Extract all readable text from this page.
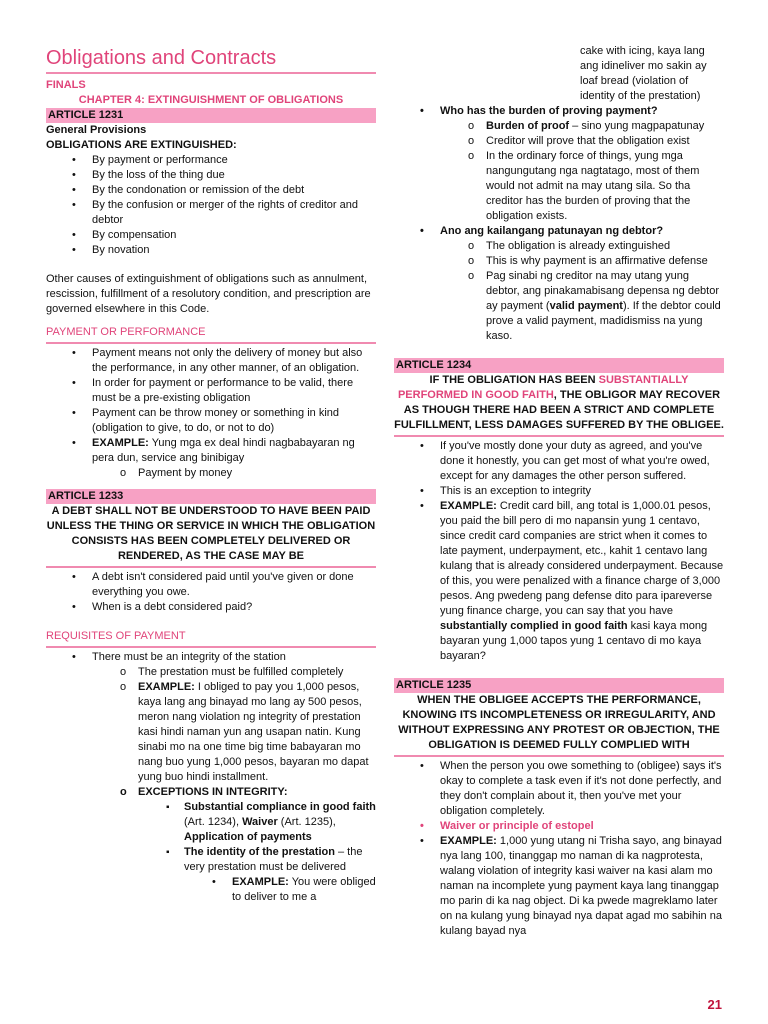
Obligations and Contracts
FINALS
CHAPTER 4: EXTINGUISHMENT OF OBLIGATIONS
ARTICLE 1231
General Provisions
OBLIGATIONS ARE EXTINGUISHED:
• By payment or performance
• By the loss of the thing due
• By the condonation or remission of the debt
• By the confusion or merger of the rights of creditor and debtor
• By compensation
• By novation
Other causes of extinguishment of obligations such as annulment, rescission, fulfillment of a resolutory condition, and prescription are governed elsewhere in this Code.
PAYMENT OR PERFORMANCE
• Payment means not only the delivery of money but also the performance, in any other manner, of an obligation.
• In order for payment or performance to be valid, there must be a pre-existing obligation
• Payment can be throw money or something in kind (obligation to give, to do, or not to do)
• EXAMPLE: Yung mga ex deal hindi nagbabayaran ng pera dun, service ang binibigay
o Payment by money
ARTICLE 1233
A DEBT SHALL NOT BE UNDERSTOOD TO HAVE BEEN PAID UNLESS THE THING OR SERVICE IN WHICH THE OBLIGATION CONSISTS HAS BEEN COMPLETELY DELIVERED OR RENDERED, AS THE CASE MAY BE
• A debt isn't considered paid until you've given or done everything you owe.
• When is a debt considered paid?
REQUISITES OF PAYMENT
• There must be an integrity of the station
o The prestation must be fulfilled completely
o EXAMPLE: I obliged to pay you 1,000 pesos, kaya lang ang binayad mo lang ay 500 pesos, meron nang violation ng integrity of prestation kasi hindi naman yun ang usapan natin. Kung sinabi mo na one time big time babayaran mo nang buo yung 1,000 pesos, bayaran mo dapat yung buo hindi installment.
o EXCEPTIONS IN INTEGRITY:
▪ Substantial compliance in good faith (Art. 1234), Waiver (Art. 1235), Application of payments
▪ The identity of the prestation – the very prestation must be delivered
• EXAMPLE: You were obliged to deliver to me a
cake with icing, kaya lang ang idineliver mo sakin ay loaf bread (violation of identity of the prestation)
• Who has the burden of proving payment?
o Burden of proof – sino yung magpapatunay
o Creditor will prove that the obligation exist
o In the ordinary force of things, yung mga nangungutang nga nagtatago, most of them would not admit na may utang sila. So tha creditor has the burden of proving that the obligation exists.
• Ano ang kailangang patunayan ng debtor?
o The obligation is already extinguished
o This is why payment is an affirmative defense
o Pag sinabi ng creditor na may utang yung debtor, ang pinakamabisang depensa ng debtor ay payment (valid payment). If the debtor could prove a valid payment, madidismiss na yung kaso.
ARTICLE 1234
IF THE OBLIGATION HAS BEEN SUBSTANTIALLY PERFORMED IN GOOD FAITH, THE OBLIGOR MAY RECOVER AS THOUGH THERE HAD BEEN A STRICT AND COMPLETE FULFILLMENT, LESS DAMAGES SUFFERED BY THE OBLIGEE.
• If you've mostly done your duty as agreed, and you've done it honestly, you can get most of what you're owed, except for any damages the other person suffered.
• This is an exception to integrity
• EXAMPLE: Credit card bill, ang total is 1,000.01 pesos, you paid the bill pero di mo napansin yung 1 centavo, since credit card companies are strict when it comes to late payment, underpayment, etc., kahit 1 centavo lang kulang that is already considered underpayment. Because of this, you were penalized with a finance charge of 3,000 pesos. Ang pwedeng pang defense dito para ipareverse yung finance charge, you can say that you have substantially complied in good faith kasi kaya mong bayaran yung 1,000 tapos yung 1 centavo di mo kaya bayaran?
ARTICLE 1235
WHEN THE OBLIGEE ACCEPTS THE PERFORMANCE, KNOWING ITS INCOMPLETENESS OR IRREGULARITY, AND WITHOUT EXPRESSING ANY PROTEST OR OBJECTION, THE OBLIGATION IS DEEMED FULLY COMPLIED WITH
• When the person you owe something to (obligee) says it's okay to complete a task even if it's not done perfectly, and they don't complain about it, then you've met your obligation completely.
• Waiver or principle of estopel
• EXAMPLE: 1,000 yung utang ni Trisha sayo, ang binayad nya lang 100, tinanggap mo naman di ka nagprotesta, walang violation of integrity kasi waiver na kasi alam mo naman na incomplete yung payment kaya lang tinanggap mo parin di ka nag object. Di ka pwede magreklamo later on na kulang yung binayad nya dapat agad mo sabihin na kulang bayad nya
21
